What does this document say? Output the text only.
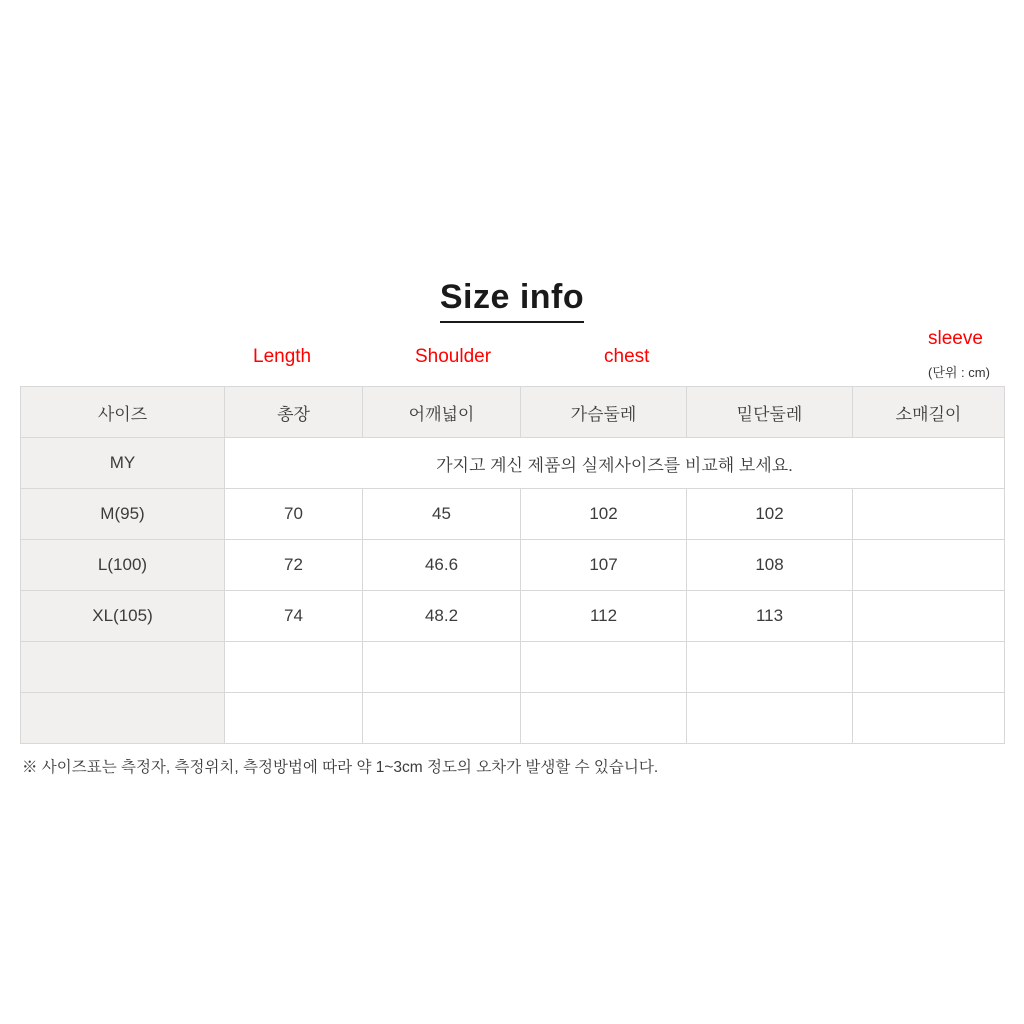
Size info
Length	Shoulder	chest
sleeve
(단위 : cm)
사이즈	총장	어깨넓이	가슴둘레	밑단둘레	소매길이
MY	가지고 계신 제품의 실제사이즈를 비교해 보세요.				
M(95)	70	45	102	102	
L(100)	72	46.6	107	108	
XL(105)	74	48.2	112	113	

※ 사이즈표는 측정자, 측정위치, 측정방법에 따라 약 1~3cm 정도의 오차가 발생할 수 있습니다.
